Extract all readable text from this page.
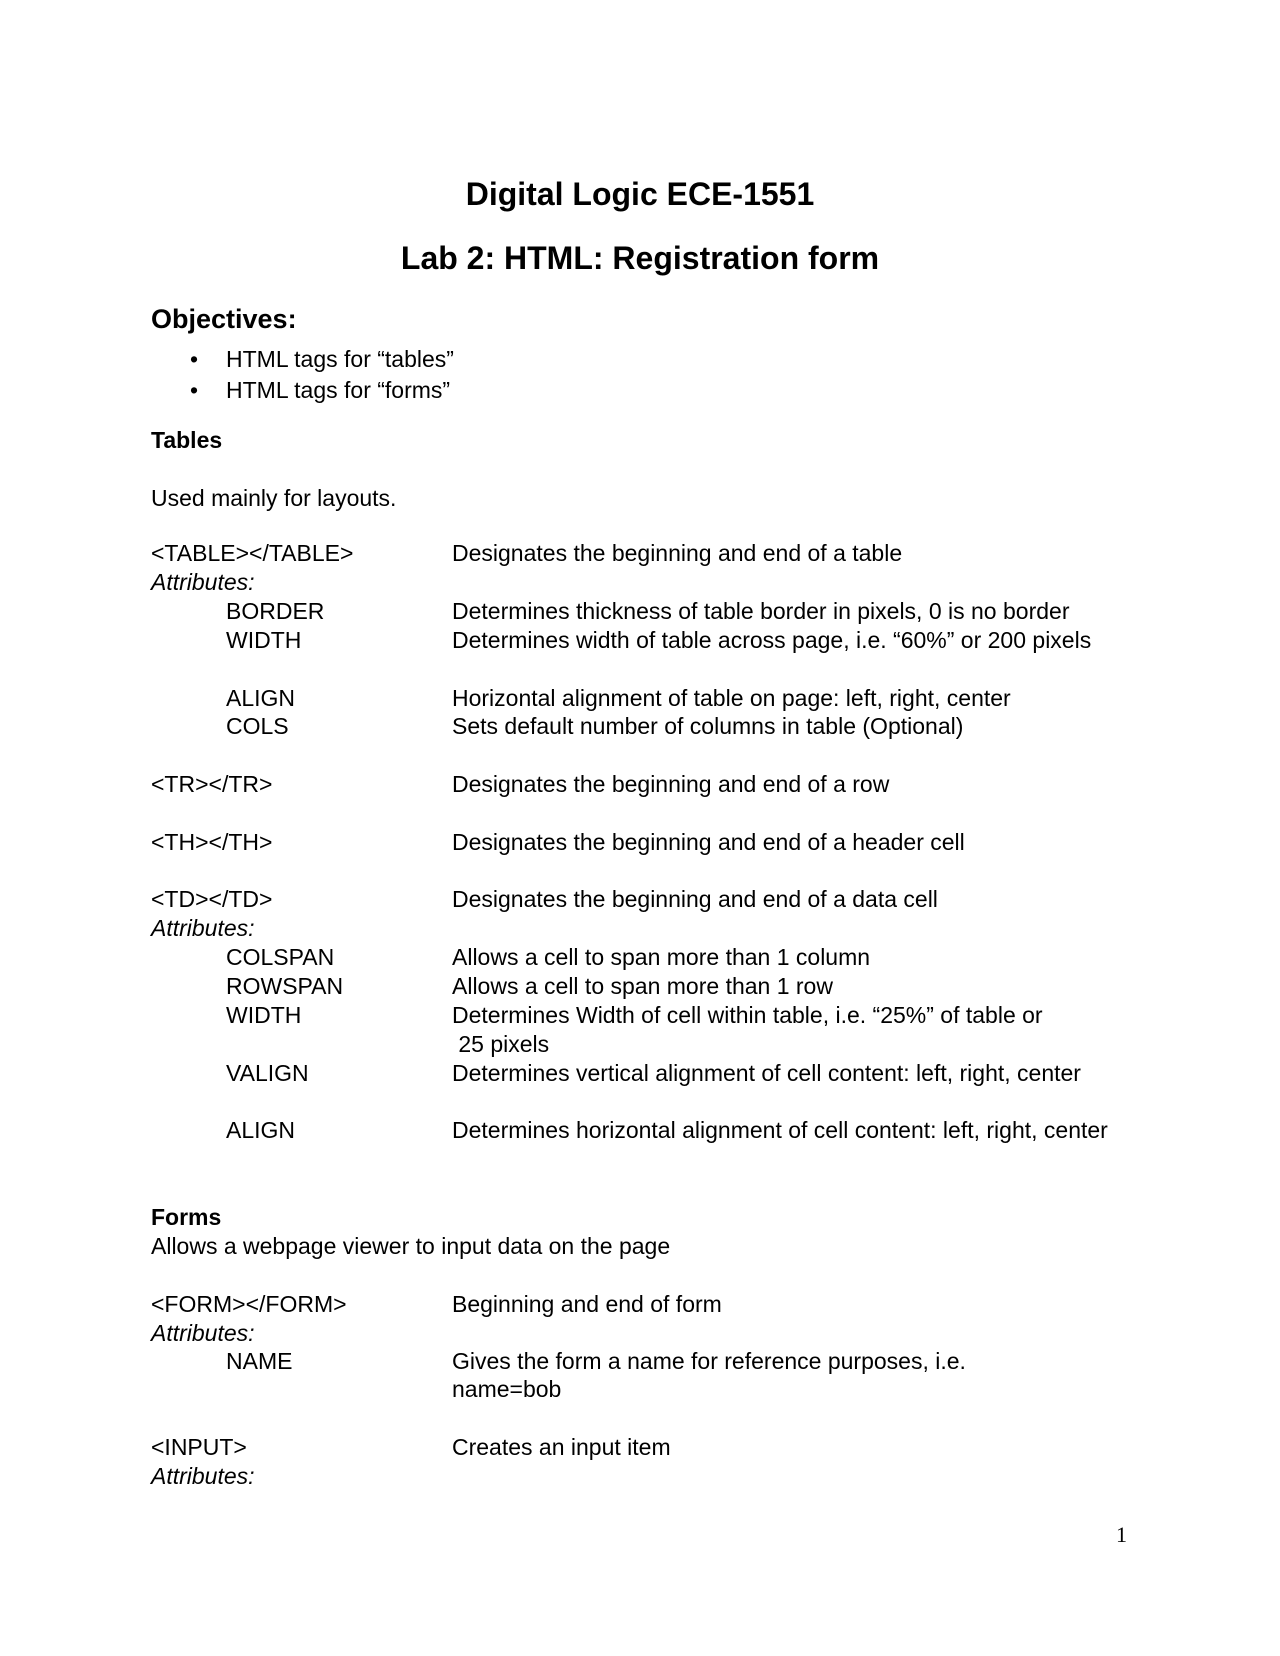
Digital Logic ECE-1551
Lab 2: HTML: Registration form
Objectives:
• HTML tags for “tables”
• HTML tags for “forms”
Tables
Used mainly for layouts.
<TABLE></TABLE>	Designates the beginning and end of a table
Attributes:
BORDER	Determines thickness of table border in pixels, 0 is no border
WIDTH	Determines width of table across page, i.e. “60%” or 200 pixels
ALIGN	Horizontal alignment of table on page: left, right, center
COLS	Sets default number of columns in table (Optional)
<TR></TR>	Designates the beginning and end of a row
<TH></TH>	Designates the beginning and end of a header cell
<TD></TD>	Designates the beginning and end of a data cell
Attributes:
COLSPAN	Allows a cell to span more than 1 column
ROWSPAN	Allows a cell to span more than 1 row
WIDTH	Determines Width of cell within table, i.e. “25%” of table or
25 pixels
VALIGN	Determines vertical alignment of cell content: left, right, center
ALIGN	Determines horizontal alignment of cell content: left, right, center
Forms
Allows a webpage viewer to input data on the page
<FORM></FORM>	Beginning and end of form
Attributes:
NAME	Gives the form a name for reference purposes, i.e. name=bob
<INPUT>	Creates an input item
Attributes:
1
